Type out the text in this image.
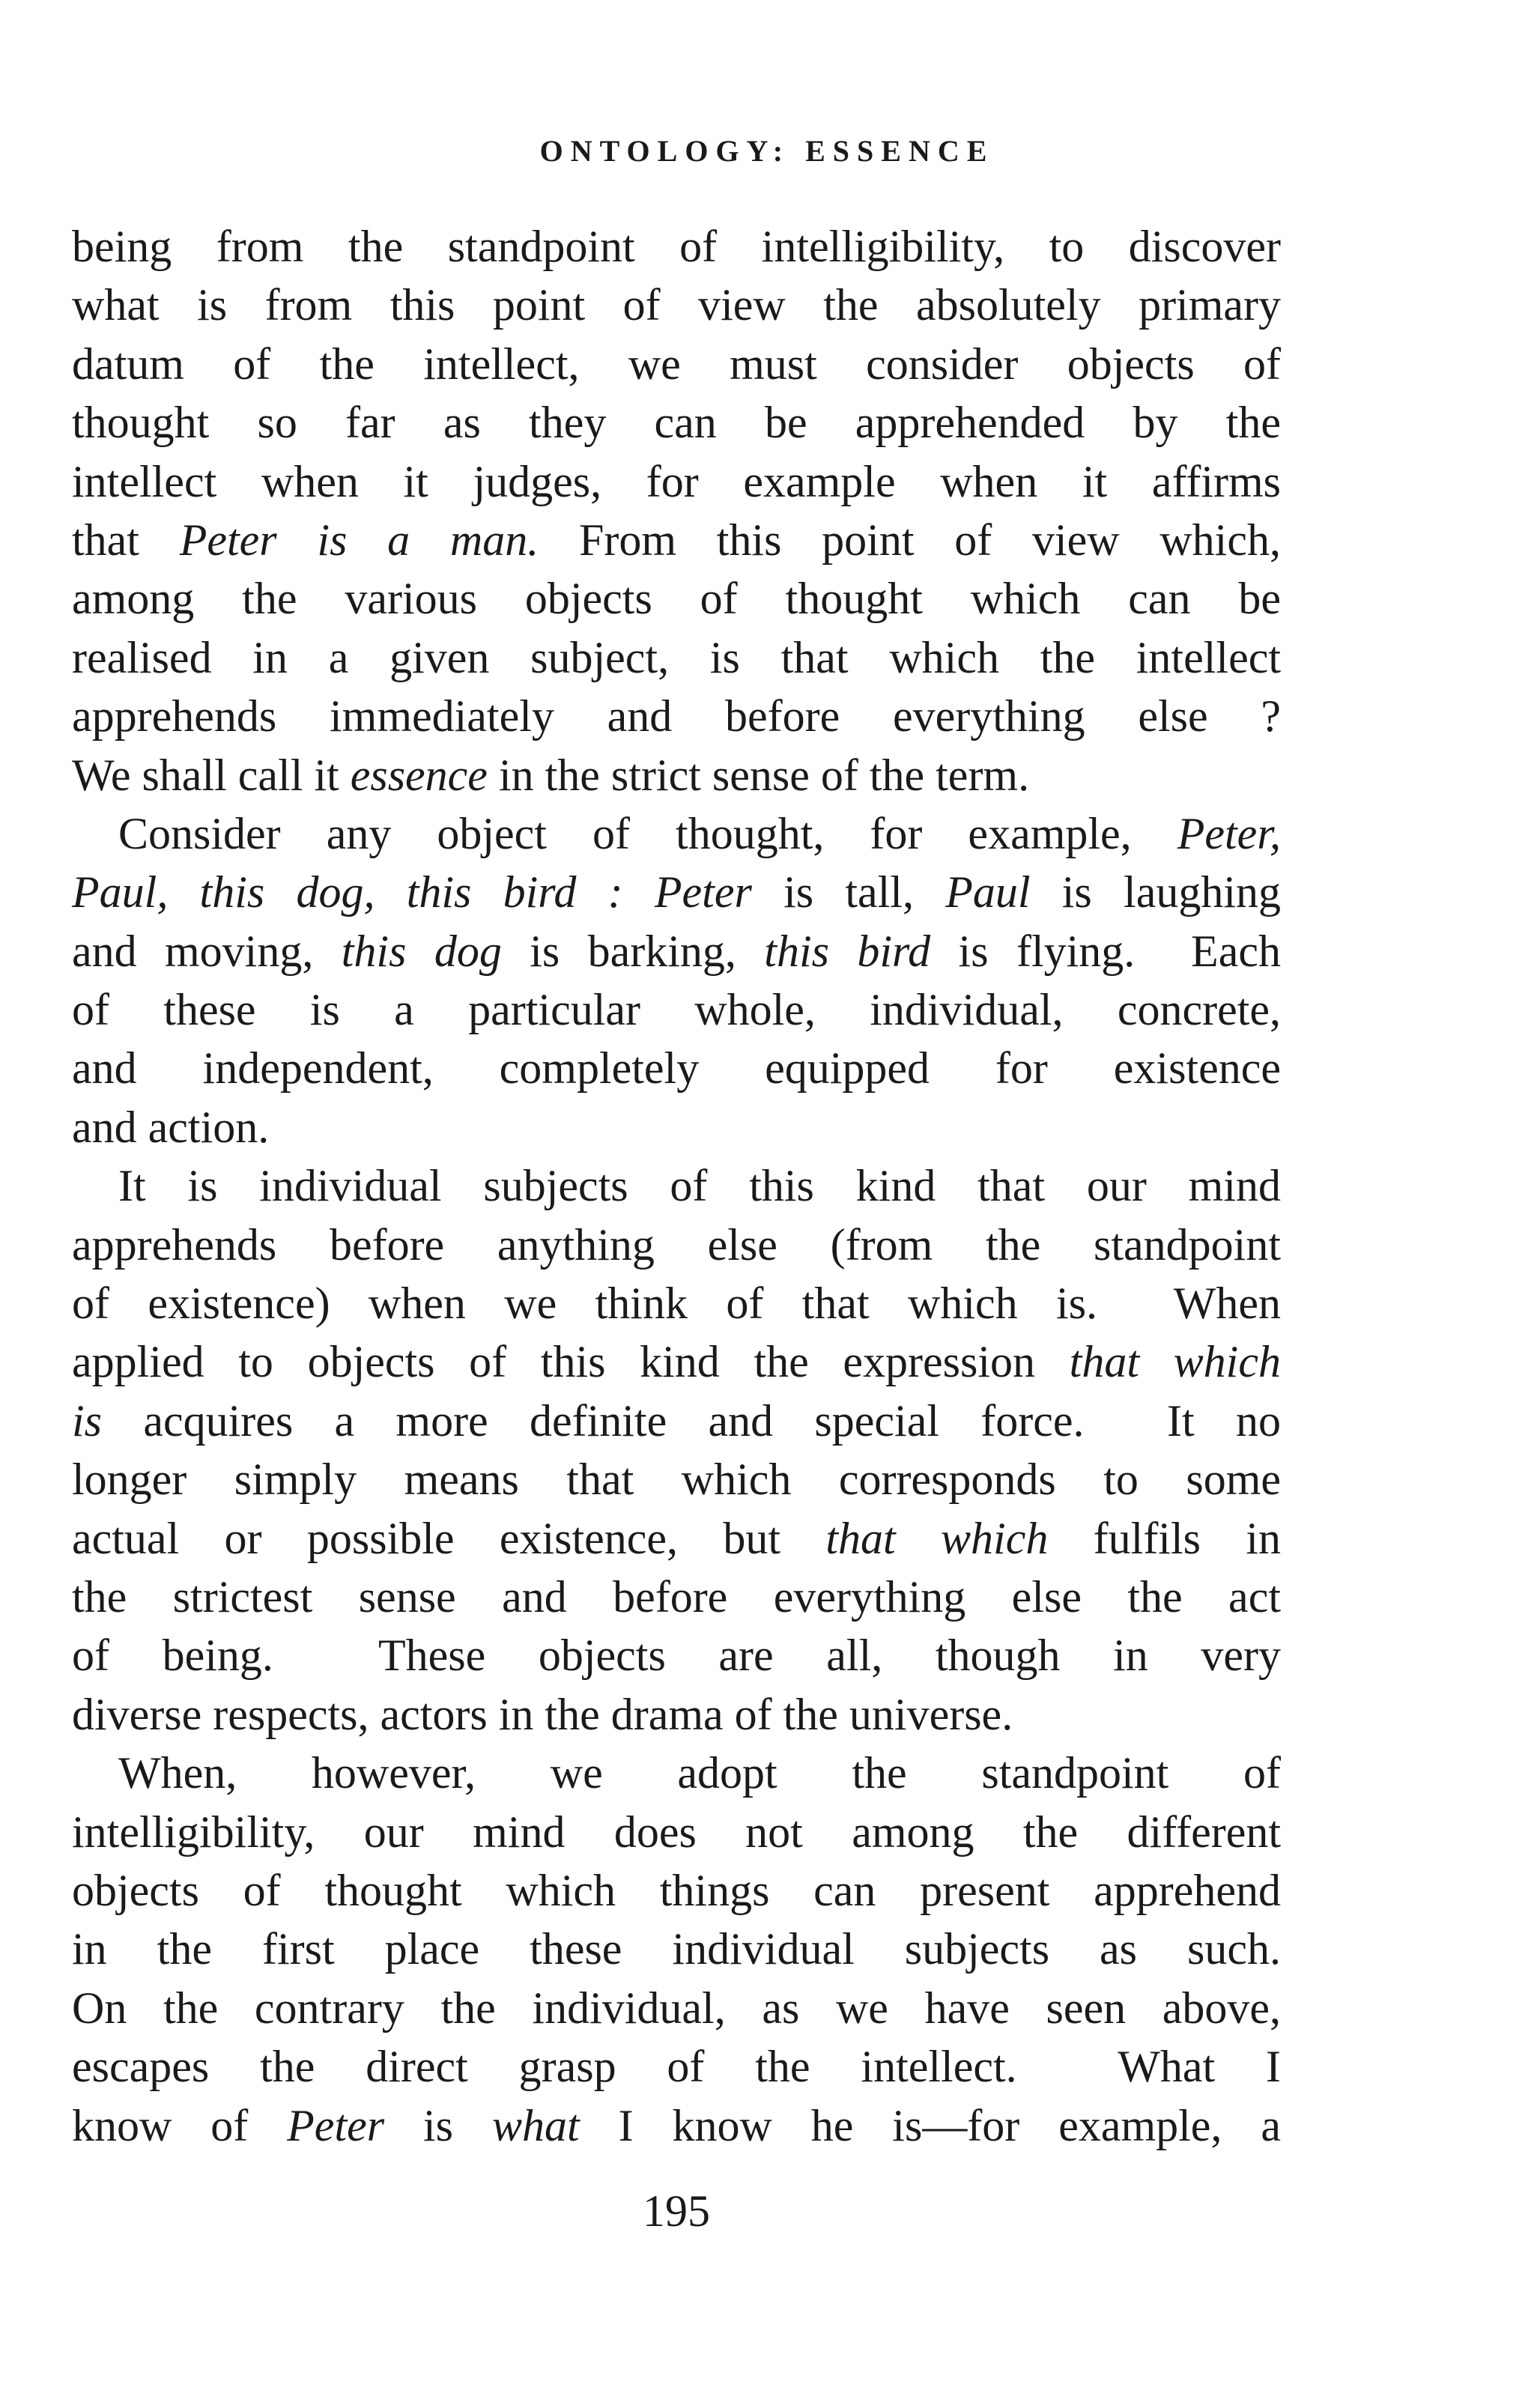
ONTOLOGY: ESSENCE
being from the standpoint of intelligibility, to discover
what is from this point of view the absolutely primary
datum of the intellect, we must consider objects of
thought so far as they can be apprehended by the
intellect when it judges, for example when it affirms
that Peter is a man. From this point of view which,
among the various objects of thought which can be
realised in a given subject, is that which the intellect
apprehends immediately and before everything else ?
We shall call it essence in the strict sense of the term.
Consider any object of thought, for example, Peter,
Paul, this dog, this bird : Peter is tall, Paul is laughing
and moving, this dog is barking, this bird is flying.  Each
of these is a particular whole, individual, concrete,
and independent, completely equipped for existence
and action.
It is individual subjects of this kind that our mind
apprehends before anything else (from the standpoint
of existence) when we think of that which is.  When
applied to objects of this kind the expression that which
is acquires a more definite and special force.  It no
longer simply means that which corresponds to some
actual or possible existence, but that which fulfils in
the strictest sense and before everything else the act
of being.  These objects are all, though in very
diverse respects, actors in the drama of the universe.
When, however, we adopt the standpoint of
intelligibility, our mind does not among the different
objects of thought which things can present apprehend
in the first place these individual subjects as such.
On the contrary the individual, as we have seen above,
escapes the direct grasp of the intellect.  What I
know of Peter is what I know he is—for example, a
195
